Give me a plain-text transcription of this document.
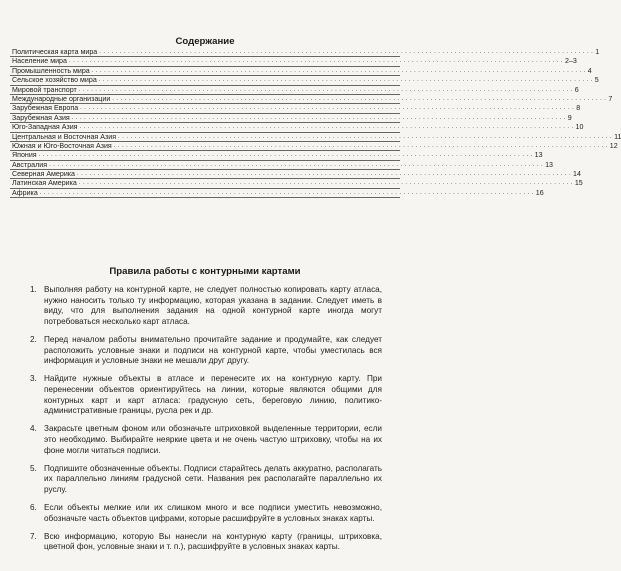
Содержание
Политическая карта мира . . . . . . . . . . . . . . . . . . . . . . . . . . . . . . . . . . . . . . . . . . . . . . . . . . . . . . . . . . . . . . . . . . . . . . . . . . . . . . . . . . . . . . . . . . . . . . . . . . . . . . . . . . . . . . . . . . . . . . . . 1
Население мира . . . . . . . . . . . . . . . . . . . . . . . . . . . . . . . . . . . . . . . . . . . . . . . . . . . . . . . . . . . . . . . . . . . . . . . . . . . . . . . . . . . . . . . . . . . . . . . . . . . . . . . . . . . . . . . . . . . . . . . . 2–3
Промышленность мира . . . . . . . . . . . . . . . . . . . . . . . . . . . . . . . . . . . . . . . . . . . . . . . . . . . . . . . . . . . . . . . . . . . . . . . . . . . . . . . . . . . . . . . . . . . . . . . . . . . . . . . . . . . . . . . . . . . . . . . . 4
Сельское хозяйство мира . . . . . . . . . . . . . . . . . . . . . . . . . . . . . . . . . . . . . . . . . . . . . . . . . . . . . . . . . . . . . . . . . . . . . . . . . . . . . . . . . . . . . . . . . . . . . . . . . . . . . . . . . . . . . . . . . . . . . . . . 5
Мировой транспорт . . . . . . . . . . . . . . . . . . . . . . . . . . . . . . . . . . . . . . . . . . . . . . . . . . . . . . . . . . . . . . . . . . . . . . . . . . . . . . . . . . . . . . . . . . . . . . . . . . . . . . . . . . . . . . . . . . . . . . . . 6
Международные организации . . . . . . . . . . . . . . . . . . . . . . . . . . . . . . . . . . . . . . . . . . . . . . . . . . . . . . . . . . . . . . . . . . . . . . . . . . . . . . . . . . . . . . . . . . . . . . . . . . . . . . . . . . . . . . . . . . . . . . . . 7
Зарубежная Европа . . . . . . . . . . . . . . . . . . . . . . . . . . . . . . . . . . . . . . . . . . . . . . . . . . . . . . . . . . . . . . . . . . . . . . . . . . . . . . . . . . . . . . . . . . . . . . . . . . . . . . . . . . . . . . . . . . . . . . . . 8
Зарубежная Азия . . . . . . . . . . . . . . . . . . . . . . . . . . . . . . . . . . . . . . . . . . . . . . . . . . . . . . . . . . . . . . . . . . . . . . . . . . . . . . . . . . . . . . . . . . . . . . . . . . . . . . . . . . . . . . . . . . . . . . . . 9
Юго-Западная Азия . . . . . . . . . . . . . . . . . . . . . . . . . . . . . . . . . . . . . . . . . . . . . . . . . . . . . . . . . . . . . . . . . . . . . . . . . . . . . . . . . . . . . . . . . . . . . . . . . . . . . . . . . . . . . . . . . . . . . . . . 10
Центральная и Восточная Азия . . . . . . . . . . . . . . . . . . . . . . . . . . . . . . . . . . . . . . . . . . . . . . . . . . . . . . . . . . . . . . . . . . . . . . . . . . . . . . . . . . . . . . . . . . . . . . . . . . . . . . . . . . . . . . . . . . . . . . . . 11
Южная и Юго-Восточная Азия . . . . . . . . . . . . . . . . . . . . . . . . . . . . . . . . . . . . . . . . . . . . . . . . . . . . . . . . . . . . . . . . . . . . . . . . . . . . . . . . . . . . . . . . . . . . . . . . . . . . . . . . . . . . . . . . . . . . . . . . 12
Япония . . . . . . . . . . . . . . . . . . . . . . . . . . . . . . . . . . . . . . . . . . . . . . . . . . . . . . . . . . . . . . . . . . . . . . . . . . . . . . . . . . . . . . . . . . . . . . . . . . . . . . . . . . . . . . . . . . . . . . . . 13
Австралия . . . . . . . . . . . . . . . . . . . . . . . . . . . . . . . . . . . . . . . . . . . . . . . . . . . . . . . . . . . . . . . . . . . . . . . . . . . . . . . . . . . . . . . . . . . . . . . . . . . . . . . . . . . . . . . . . . . . . . . . 13
Северная Америка . . . . . . . . . . . . . . . . . . . . . . . . . . . . . . . . . . . . . . . . . . . . . . . . . . . . . . . . . . . . . . . . . . . . . . . . . . . . . . . . . . . . . . . . . . . . . . . . . . . . . . . . . . . . . . . . . . . . . . . . 14
Латинская Америка . . . . . . . . . . . . . . . . . . . . . . . . . . . . . . . . . . . . . . . . . . . . . . . . . . . . . . . . . . . . . . . . . . . . . . . . . . . . . . . . . . . . . . . . . . . . . . . . . . . . . . . . . . . . . . . . . . . . . . . . 15
Африка . . . . . . . . . . . . . . . . . . . . . . . . . . . . . . . . . . . . . . . . . . . . . . . . . . . . . . . . . . . . . . . . . . . . . . . . . . . . . . . . . . . . . . . . . . . . . . . . . . . . . . . . . . . . . . . . . . . . . . . . 16
Правила работы с контурными картами
1. Выполняя работу на контурной карте, не следует полностью копировать карту атласа, нужно наносить только ту информацию, которая указана в задании. Следует иметь в виду, что для выполнения задания на одной контурной карте иногда могут потребоваться несколько карт атласа.
2. Перед началом работы внимательно прочитайте задание и продумайте, как следует расположить условные знаки и подписи на контурной карте, чтобы уместилась вся информация и условные знаки не мешали друг другу.
3. Найдите нужные объекты в атласе и перенесите их на контурную карту. При перенесении объектов ориентируйтесь на линии, которые являются общими для контурных карт и карт атласа: градусную сеть, береговую линию, политико-административные границы, русла рек и др.
4. Закрасьте цветным фоном или обозначьте штриховкой выделенные территории, если это необходимо. Выбирайте неяркие цвета и не очень частую штриховку, чтобы на их фоне могли читаться подписи.
5. Подпишите обозначенные объекты. Подписи старайтесь делать аккуратно, располагать их параллельно линиям градусной сети. Названия рек располагайте параллельно их руслу.
6. Если объекты мелкие или их слишком много и все подписи уместить невозможно, обозначьте часть объектов цифрами, которые расшифруйте в условных знаках карты.
7. Всю информацию, которую Вы нанесли на контурную карту (границы, штриховка, цветной фон, условные знаки и т. п.), расшифруйте в условных знаках карты.
